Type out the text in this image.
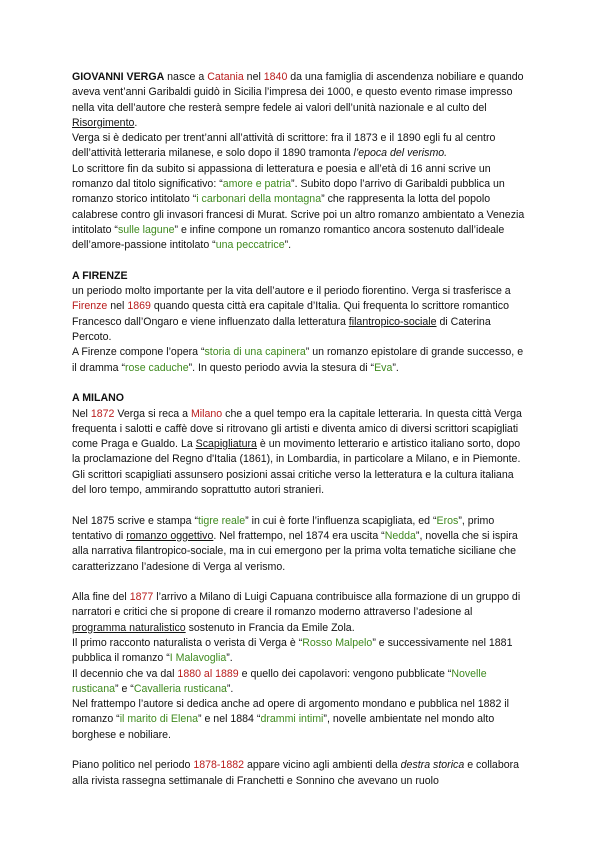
GIOVANNI VERGA nasce a Catania nel 1840 da una famiglia di ascendenza nobiliare e quando aveva vent’anni Garibaldi guidò in Sicilia l’impresa dei 1000, e questo evento rimase impresso nella vita dell’autore che resterà sempre fedele ai valori dell’unità nazionale e al culto del Risorgimento.

Verga si è dedicato per trent’anni all’attività di scrittore: fra il 1873 e il 1890 egli fu al centro dell’attività letteraria milanese, e solo dopo il 1890 tramonta l’epoca del verismo.

Lo scrittore fin da subito si appassiona di letteratura e poesia e all’età di 16 anni scrive un romanzo dal titolo significativo: “amore e patria”. Subito dopo l’arrivo di Garibaldi pubblica un romanzo storico intitolato “i carbonari della montagna” che rappresenta la lotta del popolo calabrese contro gli invasori francesi di Murat. Scrive poi un altro romanzo ambientato a Venezia intitolato “sulle lagune” e infine compone un romanzo romantico ancora sostenuto dall’ideale dell’amore-passione intitolato “una peccatrice”.

A FIRENZE

un periodo molto importante per la vita dell’autore e il periodo fiorentino. Verga si trasferisce a Firenze nel 1869 quando questa città era capitale d’Italia. Qui frequenta lo scrittore romantico Francesco dall’Ongaro e viene influenzato dalla letteratura filantropico-sociale di Caterina Percoto.

A Firenze compone l’opera “storia di una capinera” un romanzo epistolare di grande successo, e il dramma “rose caduche”. In questo periodo avvia la stesura di “Eva”.

A MILANO

Nel 1872 Verga si reca a Milano che a quel tempo era la capitale letteraria. In questa città Verga frequenta i salotti e caffè dove si ritrovano gli artisti e diventa amico di diversi scrittori scapigliati come Praga e Gualdo. La Scapigliatura è un movimento letterario e artistico italiano sorto, dopo la proclamazione del Regno d'Italia (1861), in Lombardia, in particolare a Milano, e in Piemonte. Gli scrittori scapigliati assunsero posizioni assai critiche verso la letteratura e la cultura italiana del loro tempo, ammirando soprattutto autori stranieri.

Nel 1875 scrive e stampa “tigre reale” in cui è forte l’influenza scapigliata, ed “Eros”, primo tentativo di romanzo oggettivo. Nel frattempo, nel 1874 era uscita “Nedda”, novella che si ispira alla narrativa filantropico-sociale, ma in cui emergono per la prima volta tematiche siciliane che caratterizzano l’adesione di Verga al verismo.

Alla fine del 1877 l’arrivo a Milano di Luigi Capuana contribuisce alla formazione di un gruppo di narratori e critici che si propone di creare il romanzo moderno attraverso l’adesione al programma naturalistico sostenuto in Francia da Emile Zola.

Il primo racconto naturalista o verista di Verga è “Rosso Malpelo” e successivamente nel 1881 pubblica il romanzo “I Malavoglia”.

Il decennio che va dal 1880 al 1889 e quello dei capolavori: vengono pubblicate “Novelle rusticana” e “Cavalleria rusticana”.

Nel frattempo l’autore si dedica anche ad opere di argomento mondano e pubblica nel 1882 il romanzo “il marito di Elena” e nel 1884 “drammi intimi”, novelle ambientate nel mondo alto borghese e nobiliare.

Piano politico nel periodo 1878-1882 appare vicino agli ambienti della destra storica e collabora alla rivista rassegna settimanale di Franchetti e Sonnino che avevano un ruolo
